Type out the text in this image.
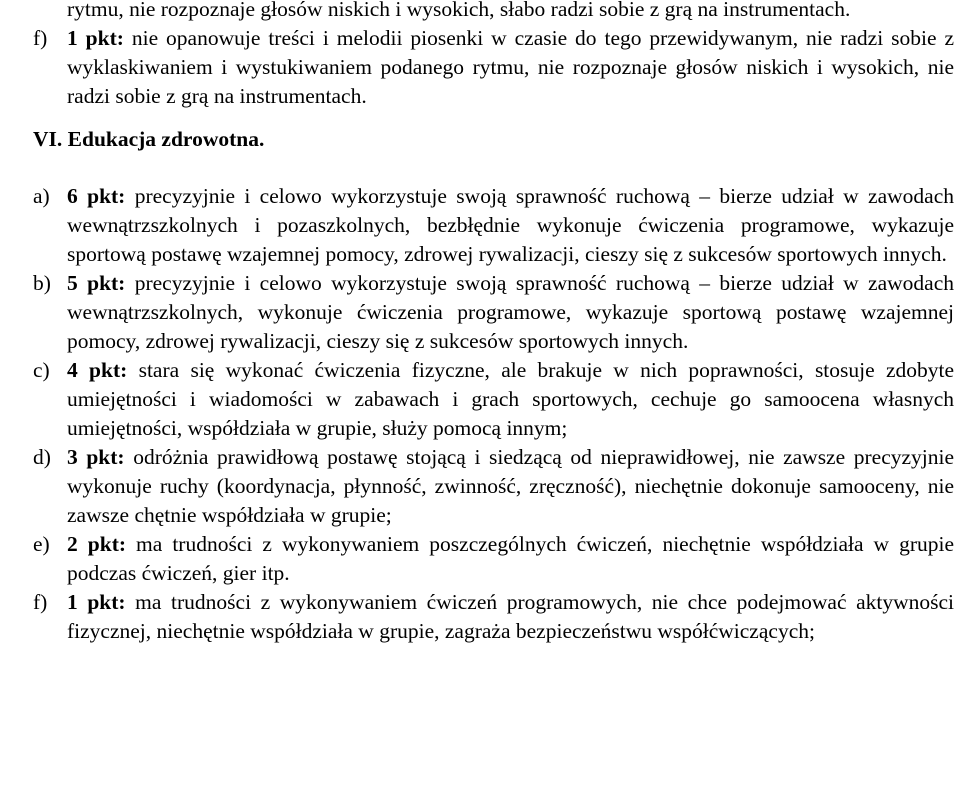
rytmu, nie rozpoznaje głosów niskich i wysokich, słabo radzi sobie z grą na instrumentach.
f) 1 pkt: nie opanowuje treści i melodii piosenki w czasie do tego przewidywanym, nie radzi sobie z wyklaskiwaniem i wystukiwaniem podanego rytmu, nie rozpoznaje głosów niskich i wysokich, nie radzi sobie z grą na instrumentach.
VI. Edukacja zdrowotna.
a) 6 pkt: precyzyjnie i celowo wykorzystuje swoją sprawność ruchową – bierze udział w zawodach wewnątrzszkolnych i pozaszkolnych, bezbłędnie wykonuje ćwiczenia programowe, wykazuje sportową postawę wzajemnej pomocy, zdrowej rywalizacji, cieszy się z sukcesów sportowych innych.
b) 5 pkt: precyzyjnie i celowo wykorzystuje swoją sprawność ruchową – bierze udział w zawodach wewnątrzszkolnych, wykonuje ćwiczenia programowe, wykazuje sportową postawę wzajemnej pomocy, zdrowej rywalizacji, cieszy się z sukcesów sportowych innych.
c) 4 pkt: stara się wykonać ćwiczenia fizyczne, ale brakuje w nich poprawności, stosuje zdobyte umiejętności i wiadomości w zabawach i grach sportowych, cechuje go samoocena własnych umiejętności, współdziała w grupie, służy pomocą innym;
d) 3 pkt: odróżnia prawidłową postawę stojącą i siedzącą od nieprawidłowej, nie zawsze precyzyjnie wykonuje ruchy (koordynacja, płynność, zwinność, zręczność), niechętnie dokonuje samooceny, nie zawsze chętnie współdziała w grupie;
e) 2 pkt: ma trudności z wykonywaniem poszczególnych ćwiczeń, niechętnie współdziała w grupie podczas ćwiczeń, gier itp.
f) 1 pkt: ma trudności z wykonywaniem ćwiczeń programowych, nie chce podejmować aktywności fizycznej, niechętnie współdziała w grupie, zagraża bezpieczeństwu współćwiczących;
